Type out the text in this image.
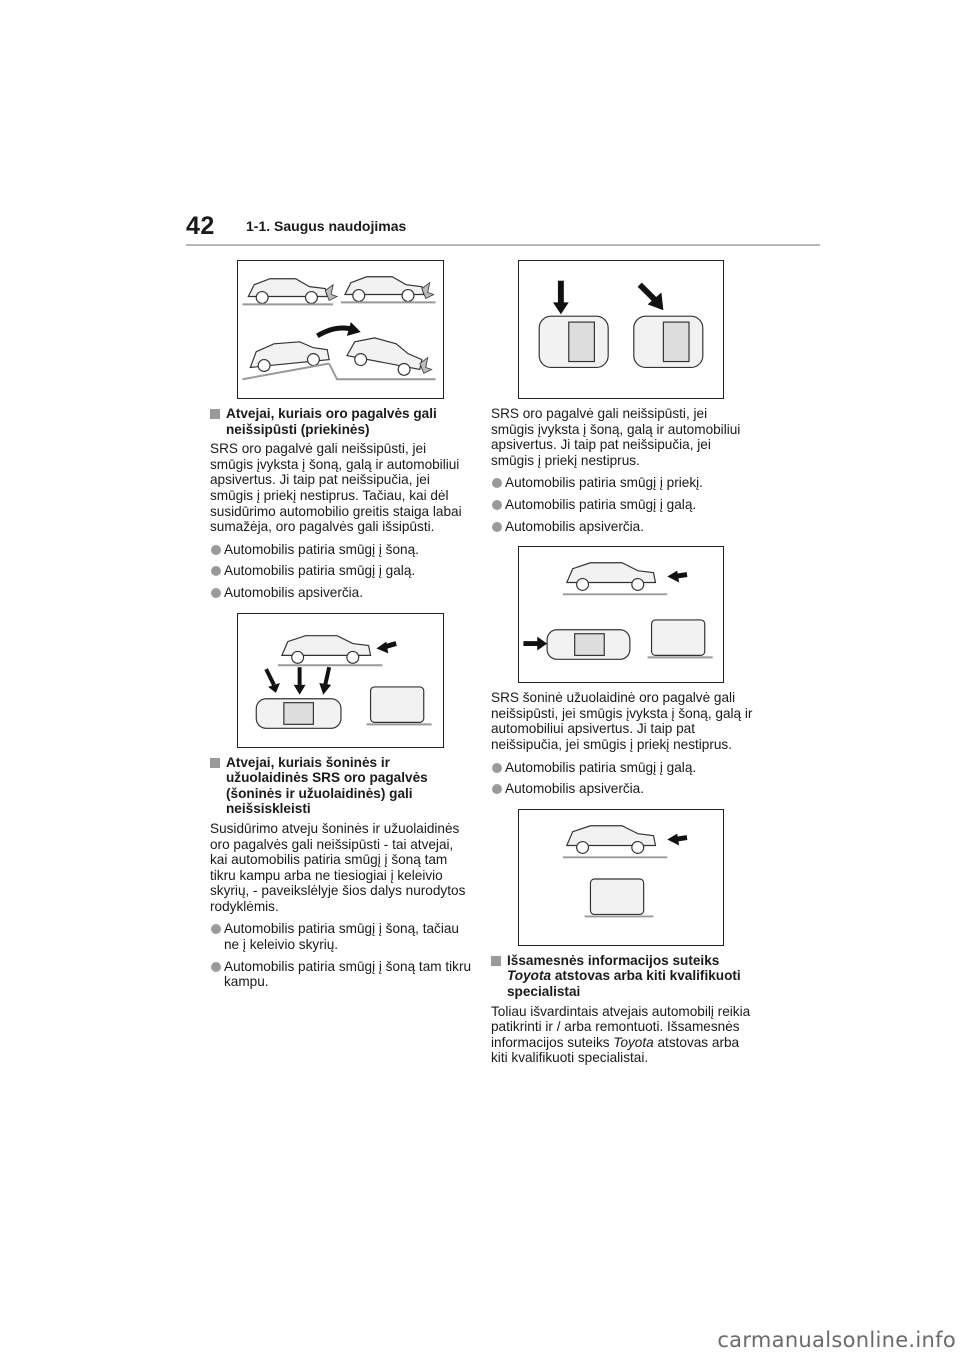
42 1-1. Saugus naudojimas
Atvejai, kuriais oro pagalvės gali neišsipūsti (priekinės)
SRS oro pagalvė gali neišsipūsti, jei smūgis įvyksta į šoną, galą ir automobiliui apsivertus. Ji taip pat neišsipučia, jei smūgis į priekį nestiprus. Tačiau, kai dėl susidūrimo automobilio greitis staiga labai sumažėja, oro pagalvės gali išsipūsti.
Automobilis patiria smūgį į šoną.
Automobilis patiria smūgį į galą.
Automobilis apsiverčia.
Atvejai, kuriais šoninės ir užuolaidinės SRS oro pagalvės (šoninės ir užuolaidinės) gali neišsiskleisti
Susidūrimo atveju šoninės ir užuolaidinės oro pagalvės gali neišsipūsti - tai atvejai, kai automobilis patiria smūgį į šoną tam tikru kampu arba ne tiesiogiai į keleivio skyrių, - paveikslėlyje šios dalys nurodytos rodyklėmis.
Automobilis patiria smūgį į šoną, tačiau ne į keleivio skyrių.
Automobilis patiria smūgį į šoną tam tikru kampu.
SRS oro pagalvė gali neišsipūsti, jei smūgis įvyksta į šoną, galą ir automobiliui apsivertus. Ji taip pat neišsipučia, jei smūgis į priekį nestiprus.
Automobilis patiria smūgį į priekį.
Automobilis patiria smūgį į galą.
Automobilis apsiverčia.
SRS šoninė užuolaidinė oro pagalvė gali neišsipūsti, jei smūgis įvyksta į šoną, galą ir automobiliui apsivertus. Ji taip pat neišsipučia, jei smūgis į priekį nestiprus.
Automobilis patiria smūgį į galą.
Automobilis apsiverčia.
Išsamesnės informacijos suteiks Toyota atstovas arba kiti kvalifikuoti specialistai
Toliau išvardintais atvejais automobilį reikia patikrinti ir / arba remontuoti. Išsamesnės informacijos suteiks Toyota atstovas arba kiti kvalifikuoti specialistai.
carmanualsonline.info
